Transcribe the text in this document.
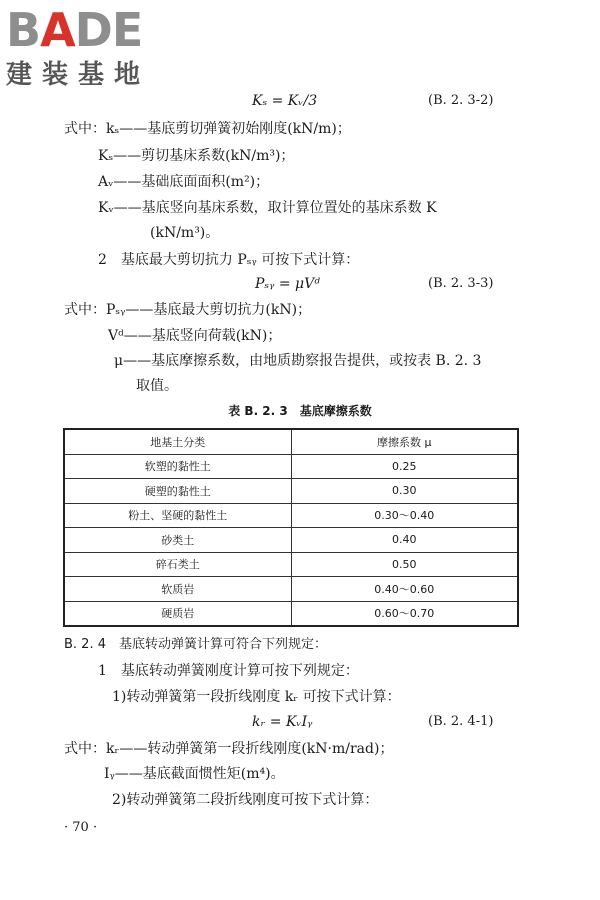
BADE
建装基地
Kₛ = Kᵥ/3	(B. 2. 3-2)
式中：kₛ——基底剪切弹簧初始刚度(kN/m)；
Kₛ——剪切基床系数(kN/m³)；
Aᵥ——基础底面面积(m²)；
Kᵥ——基底竖向基床系数，取计算位置处的基床系数 K
(kN/m³)。
2　基底最大剪切抗力 Pₛᵧ 可按下式计算：
Pₛᵧ = μVᵈ	(B. 2. 3-3)
式中：Pₛᵧ——基底最大剪切抗力(kN)；
Vᵈ——基底竖向荷载(kN)；
μ——基底摩擦系数，由地质勘察报告提供，或按表 B. 2. 3
取值。
表 B. 2. 3　基底摩擦系数
地基土分类	摩擦系数 μ
软塑的黏性土	0.25
硬塑的黏性土	0.30
粉土、坚硬的黏性土	0.30～0.40
砂类土	0.40
碎石类土	0.50
软质岩	0.40～0.60
硬质岩	0.60～0.70
B. 2. 4　基底转动弹簧计算可符合下列规定：
1　基底转动弹簧刚度计算可按下列规定：
1)转动弹簧第一段折线刚度 kᵣ 可按下式计算：
kᵣ = KᵥIᵧ	(B. 2. 4-1)
式中：kᵣ——转动弹簧第一段折线刚度(kN·m/rad)；
Iᵧ——基底截面惯性矩(m⁴)。
2)转动弹簧第二段折线刚度可按下式计算：
· 70 ·
